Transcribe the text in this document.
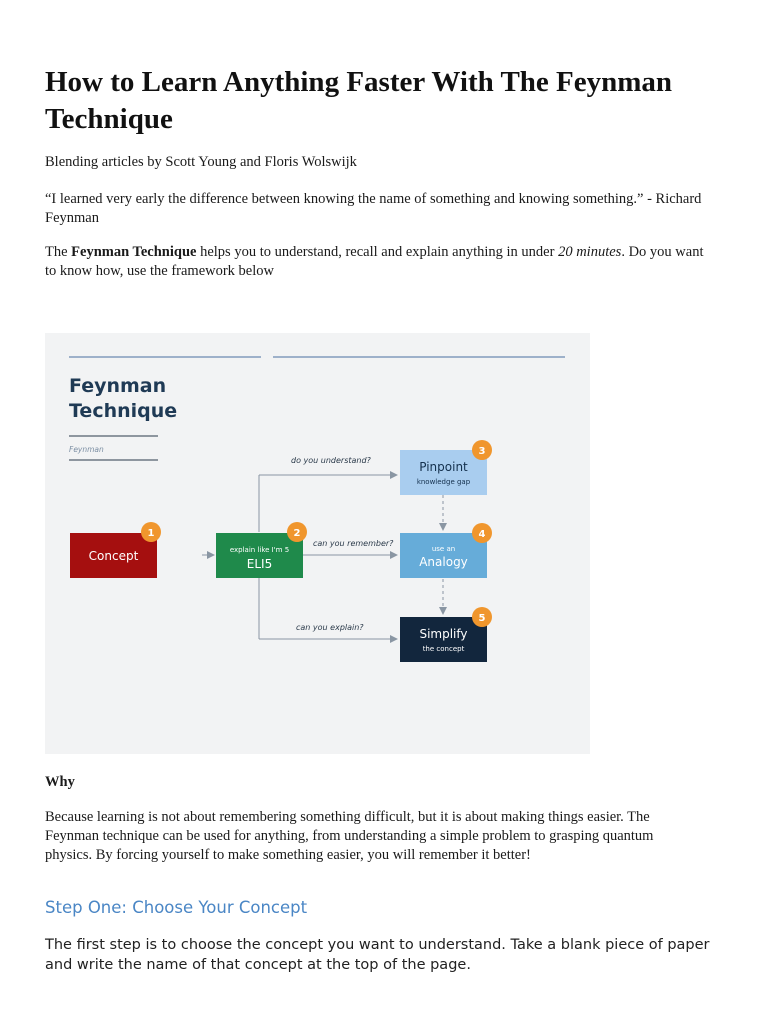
How to Learn Anything Faster With The Feynman Technique

Blending articles by Scott Young and Floris Wolswijk

“I learned very early the difference between knowing the name of something and knowing something.” - Richard Feynman

The Feynman Technique helps you to understand, recall and explain anything in under 20 minutes. Do you want to know how, use the framework below

Why

Because learning is not about remembering something difficult, but it is about making things easier. The Feynman technique can be used for anything, from understanding a simple problem to grasping quantum physics. By forcing yourself to make something easier, you will remember it better!

Step One: Choose Your Concept

The first step is to choose the concept you want to understand. Take a blank piece of paper and write the name of that concept at the top of the page.

Feynman
Technique
Feynman
do you understand?
can you remember?
can you explain?
Concept
1
explain like I'm 5
ELI5
2
Pinpoint
knowledge gap
3
use an
Analogy
4
Simplify
the concept
5
